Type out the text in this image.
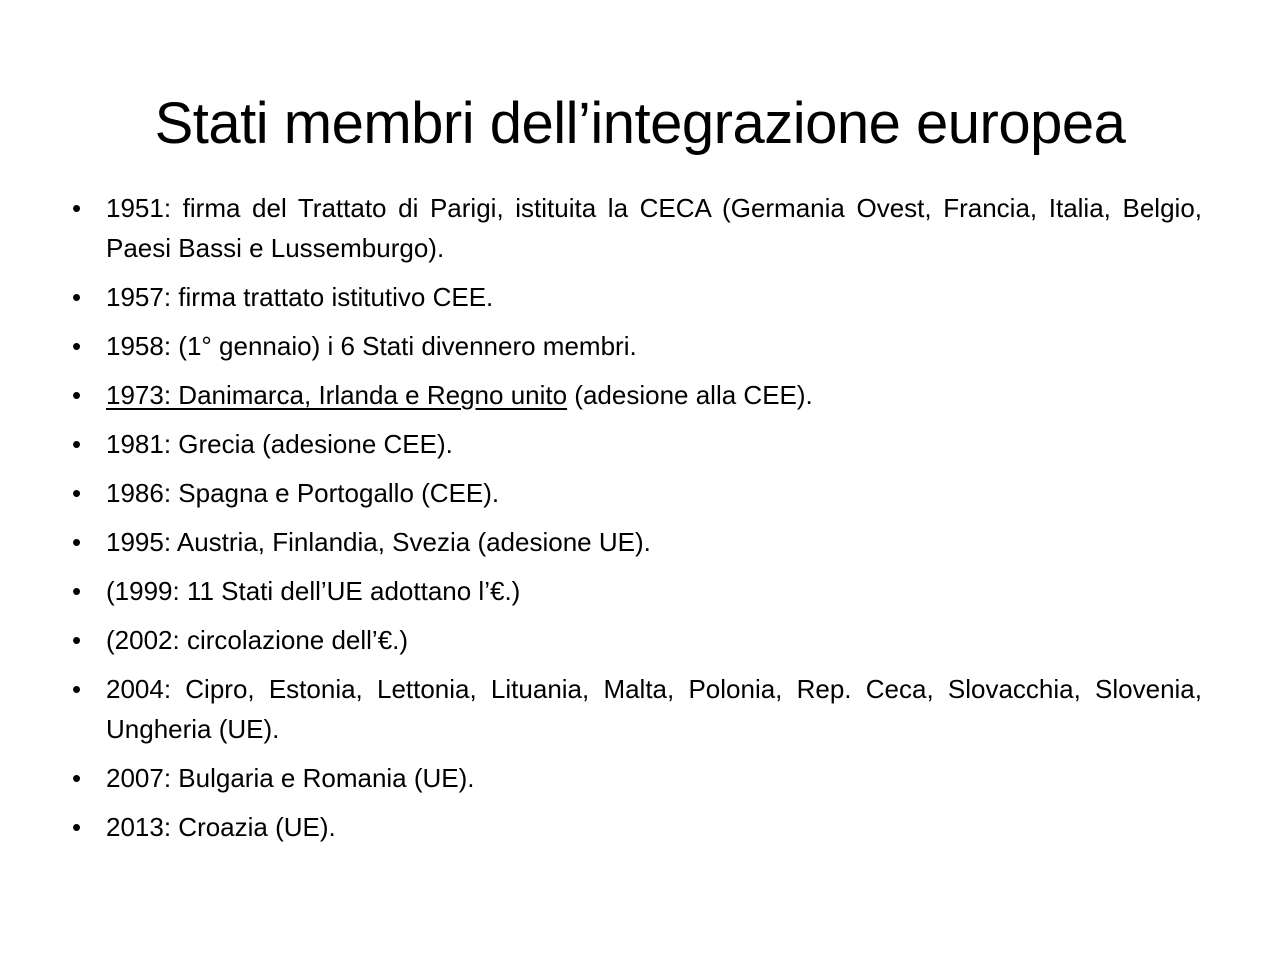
Stati membri dell’integrazione europea
• 1951: firma del Trattato di Parigi, istituita la CECA (Germania Ovest, Francia, Italia, Belgio, Paesi Bassi e Lussemburgo).
• 1957: firma trattato istitutivo CEE.
• 1958: (1° gennaio) i 6 Stati divennero membri.
• 1973: Danimarca, Irlanda e Regno unito (adesione alla CEE).
• 1981: Grecia (adesione CEE).
• 1986: Spagna e Portogallo (CEE).
• 1995: Austria, Finlandia, Svezia (adesione UE).
• (1999: 11 Stati dell’UE adottano l’€.)
• (2002: circolazione dell’€.)
• 2004: Cipro, Estonia, Lettonia, Lituania, Malta, Polonia, Rep. Ceca, Slovacchia, Slovenia, Ungheria (UE).
• 2007: Bulgaria e Romania (UE).
• 2013: Croazia (UE).
